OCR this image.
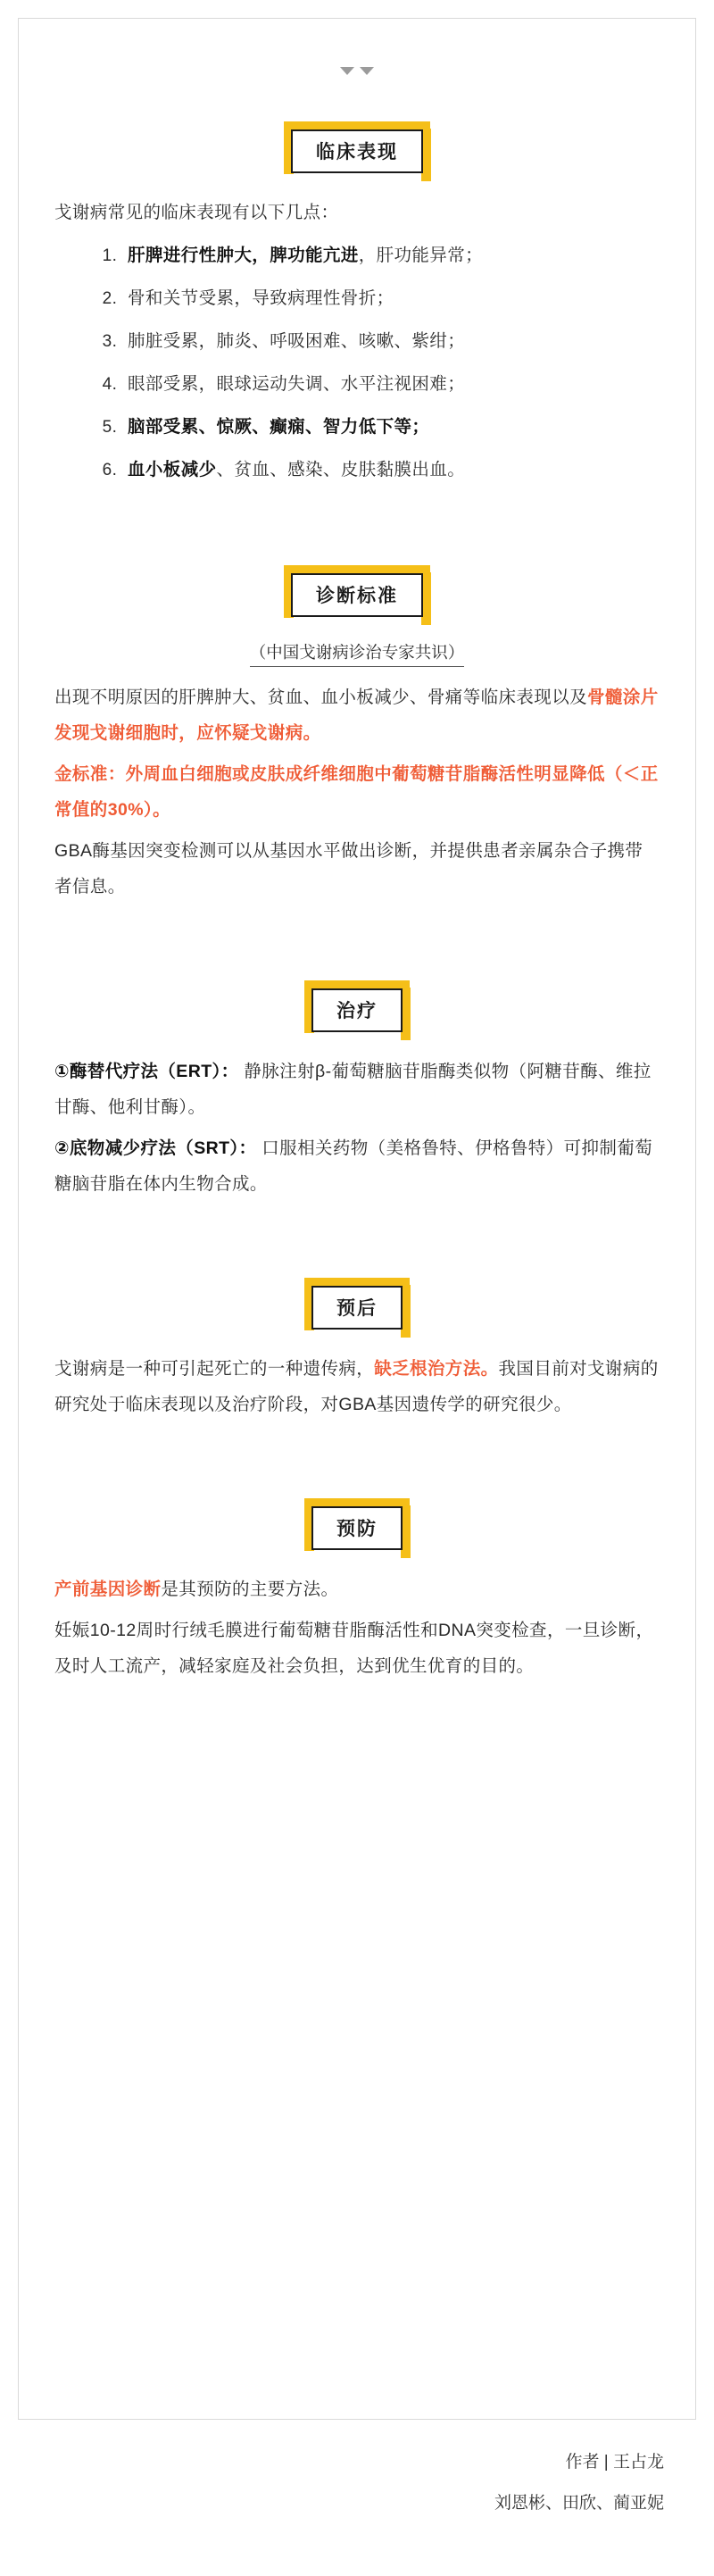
临床表现

戈谢病常见的临床表现有以下几点：

1. 肝脾进行性肿大，脾功能亢进，肝功能异常；
2. 骨和关节受累，导致病理性骨折；
3. 肺脏受累，肺炎、呼吸困难、咳嗽、紫绀；
4. 眼部受累，眼球运动失调、水平注视困难；
5. 脑部受累、惊厥、癫痫、智力低下等；
6. 血小板减少、贫血、感染、皮肤黏膜出血。
诊断标准
（中国戈谢病诊治专家共识）

出现不明原因的肝脾肿大、贫血、血小板减少、骨痛等临床表现以及骨髓涂片发现戈谢细胞时，应怀疑戈谢病。

金标准：外周血白细胞或皮肤成纤维细胞中葡萄糖苷脂酶活性明显降低（＜正常值的30%）。

GBA酶基因突变检测可以从基因水平做出诊断，并提供患者亲属杂合子携带者信息。

治疗

①酶替代疗法（ERT）： 静脉注射β-葡萄糖脑苷脂酶类似物（阿糖苷酶、维拉甘酶、他利甘酶）。

②底物减少疗法（SRT）： 口服相关药物（美格鲁特、伊格鲁特）可抑制葡萄糖脑苷脂在体内生物合成。

预后

戈谢病是一种可引起死亡的一种遗传病，缺乏根治方法。我国目前对戈谢病的研究处于临床表现以及治疗阶段，对GBA基因遗传学的研究很少。

预防

产前基因诊断是其预防的主要方法。

妊娠10-12周时行绒毛膜进行葡萄糖苷脂酶活性和DNA突变检查，一旦诊断，及时人工流产，减轻家庭及社会负担，达到优生优育的目的。

作者 | 王占龙
刘恩彬、田欣、蔺亚妮
